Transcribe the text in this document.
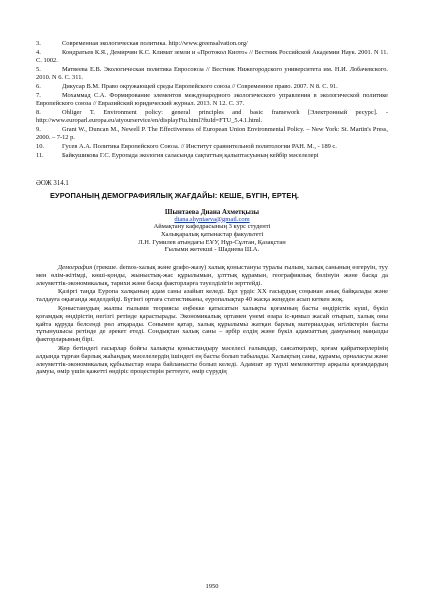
3.	Современная экологическая политика. http://www.greensalvation.org/
4.	Кондратьев К.Я., Демирчян К.С. Климат земли и «Протокол Киото» // Вестник Российской Академии Наук. 2001. N 11. С. 1002.
5.	Матвеева Е.В. Экологическая политика Евросоюза // Вестник Нижегородского университета им. Н.И. Лобачевского. 2010. N 6. С. 311.
6.	Дикусар В.М. Право окружающей среды Европейского союза // Современное право. 2007. N 8. С. 91.
7.	Мохаммад С.А. Формирование элементов международного экологического управления в экологической политике Европейского союза // Евразийский юридический журнал. 2013. N 12. С. 37.
8.	Ohliger T. Environment policy: general principles and basic framework [Электронный ресурс]. - http://www.europarl.europa.eu/atyourservice/en/displayFtu.html?ftuId=FTU_5.4.1.html.
9.	Grant W., Duncan M., Newell P. The Effectiveness of European Union Environmental Policy. – New York: St. Martin's Press, 2000. – 7-12 p.
10.	Гусев А.А. Политика Европейского Союза. // Институт сравнительной политологии РАН. М., - 189 с.
11.	Байкушикова Г.С. Еуропада экология саласында сақтаттың қалыптасуының кейбір мәселелері
ӘОЖ 314.1
ЕУРОПАНЫҢ ДЕМОГРАФИЯЛЫҚ ЖАҒДАЙЫ: КЕШЕ, БҮГІН, ЕРТЕҢ.
Шынтаева Диана Ахметқызы
diana.shyntaeva@gmail.com
Аймақтану кафедрасының 3 курс студенті
Халықаралық қатынастар факультеті
Л.Н. Гумилев атындағы ЕҰУ, Нұр-Сұлтан, Қазақстан
Ғылыми жетекші - Шадиева Ш.А.
Демография (грекше. demos-халық және graфо-жазу) халық қоныстануы туралы ғылым, халық санының өзгеруін, туу мен өлім-жітімді, көші-қонды, жыныстық-жас құрылымын, ұлттық құрамын, географиялық бөлінуін және басқа да әлеуметтік-экономикалық, тарихи және басқа факторларға тәуелділігін зерттейді.
Қазіргі таңда Еуропа халқының адам саны азайып келеді. Бұл үрдіс XX ғасырдың соңынан анық байқалады және талдауға оқығанда жеделдейді. Бүгінгі ортаға статистиканы, еуропалықтар 40 жасқа жеңеден асып кеткен жоқ.
Қоныстанудың жалпы ғылыми теориясы еңбекке қатысатын халықты қоғамның басты өндірістік күші, бүкіл қоғамдық өндірістің негізгі ретінде қарастырады. Экономикалық ортамен үнемі өзара іс-қимыл жасай отырып, халық оны қайта құруда белсенді рөл атқарады. Сонымен қатар, халық құрылымы жатқан барлық материалдық игіліктерін басты тұтынушысы ретінде де әрекет етеді. Сондықтан халық саны – әрбір елдің және бүкіл адамзаттың дамуының маңызды факторларының бірі.
Жер бетіндегі ғасырлар бойғы халықты қоныстандыру мәселесі ғалымдар, саясаткерлер, қоғам қайраткерлерінің алдында тұрған барлық жаһандық мәселелердің ішіндегі ең басты болып табылады. Халықтың саны, құрамы, орналасуы және әлеуметтік-экономикалық құбылыстар өзара байланысты болып келеді. Адамзат әр түрлі мемлекеттер арқылы қоғамдардың дамуы, өмір үшін қажетті өндіріс процестерін реттеуге, өмір сүрудің
1950
